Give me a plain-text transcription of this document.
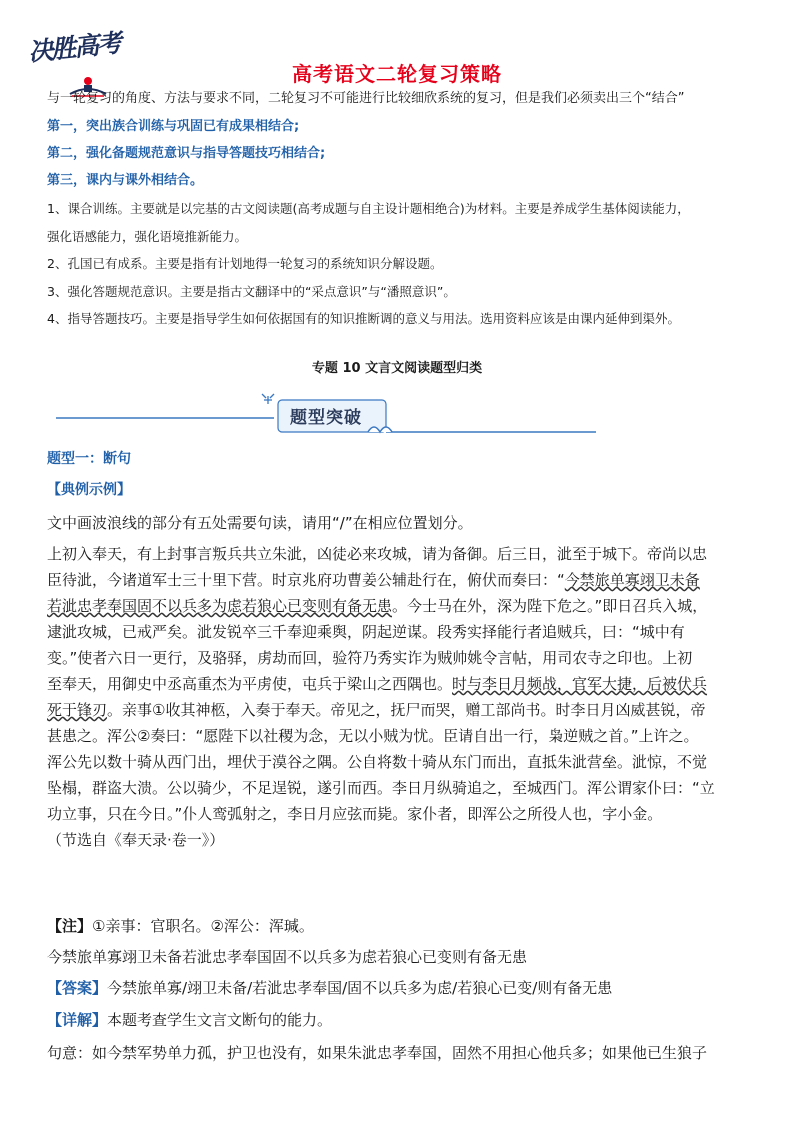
决胜高考
高考语文二轮复习策略
与一轮复习的角度、方法与要求不同，二轮复习不可能进行比较细欣系统的复习，但是我们必须卖出三个“结合”
第一，突出族合训练与巩固已有成果相结合;
第二，强化备题规范意识与指导答题技巧相结合;
第三，课内与课外相结合。
1、课合训练。主要就是以完基的古文阅读题(高考成题与自主设计题相绝合)为材料。主要是养成学生基体阅读能力，
强化语感能力，强化语境推新能力。
2、孔国已有成系。主要是指有计划地得一轮复习的系统知识分解设题。
3、强化答题规范意识。主要是指古文翻译中的“采点意识”与“潘照意识”。
4、指导答题技巧。主要是指导学生如何依据国有的知识推断调的意义与用法。选用资料应该是由课内延伸到渠外。
专题 10 文言文阅读题型归类
题型突破
题型一：断句
【典例示例】
文中画波浪线的部分有五处需要句读，请用“/”在相应位置划分。
上初入奉天，有上封事言叛兵共立朱泚，凶徒必来攻城，请为备御。后三日，泚至于城下。帝尚以忠
臣待泚，今诸道军士三十里下营。时京兆府功曹姜公辅赴行在，俯伏而奏曰：“今禁旅单寡翊卫未备
若泚忠孝奉国固不以兵多为虑若狼心已变则有备无患。今士马在外，深为陛下危之。”即日召兵入城，
逮泚攻城，已戒严矣。泚发锐卒三千奉迎乘舆，阴起逆谋。段秀实择能行者追贼兵，曰：“城中有
变。”使者六日一更行，及骆驿，虏劫而回，验符乃秀实诈为贼帅姚令言帖，用司农寺之印也。上初
至奉天，用御史中丞高重杰为平虏使，屯兵于梁山之西隅也。时与李日月频战，官军大捷，后被伏兵
死于锋刃。亲事①收其神柩，入奏于奉天。帝见之，抚尸而哭，赠工部尚书。时李日月凶威甚锐，帝
甚患之。浑公②奏曰：“愿陛下以社稷为念，无以小贼为忧。臣请自出一行，枭逆贼之首。”上许之。
浑公先以数十骑从西门出，埋伏于漠谷之隅。公自将数十骑从东门而出，直抵朱泚营垒。泚惊，不觉
坠榻，群盗大溃。公以骑少，不足逞锐，遂引而西。李日月纵骑追之，至城西门。浑公谓家仆曰：“立
功立事，只在今日。”仆人鸾弧射之，李日月应弦而毙。家仆者，即浑公之所役人也，字小金。
（节选自《奉天录·卷一》）
【注】①亲事：官职名。②浑公：浑瑊。
今禁旅单寡翊卫未备若泚忠孝奉国固不以兵多为虑若狼心已变则有备无患
【答案】今禁旅单寡/翊卫未备/若泚忠孝奉国/固不以兵多为虑/若狼心已变/则有备无患
【详解】本题考查学生文言文断句的能力。
句意：如今禁军势单力孤，护卫也没有，如果朱泚忠孝奉国，固然不用担心他兵多；如果他已生狼子
